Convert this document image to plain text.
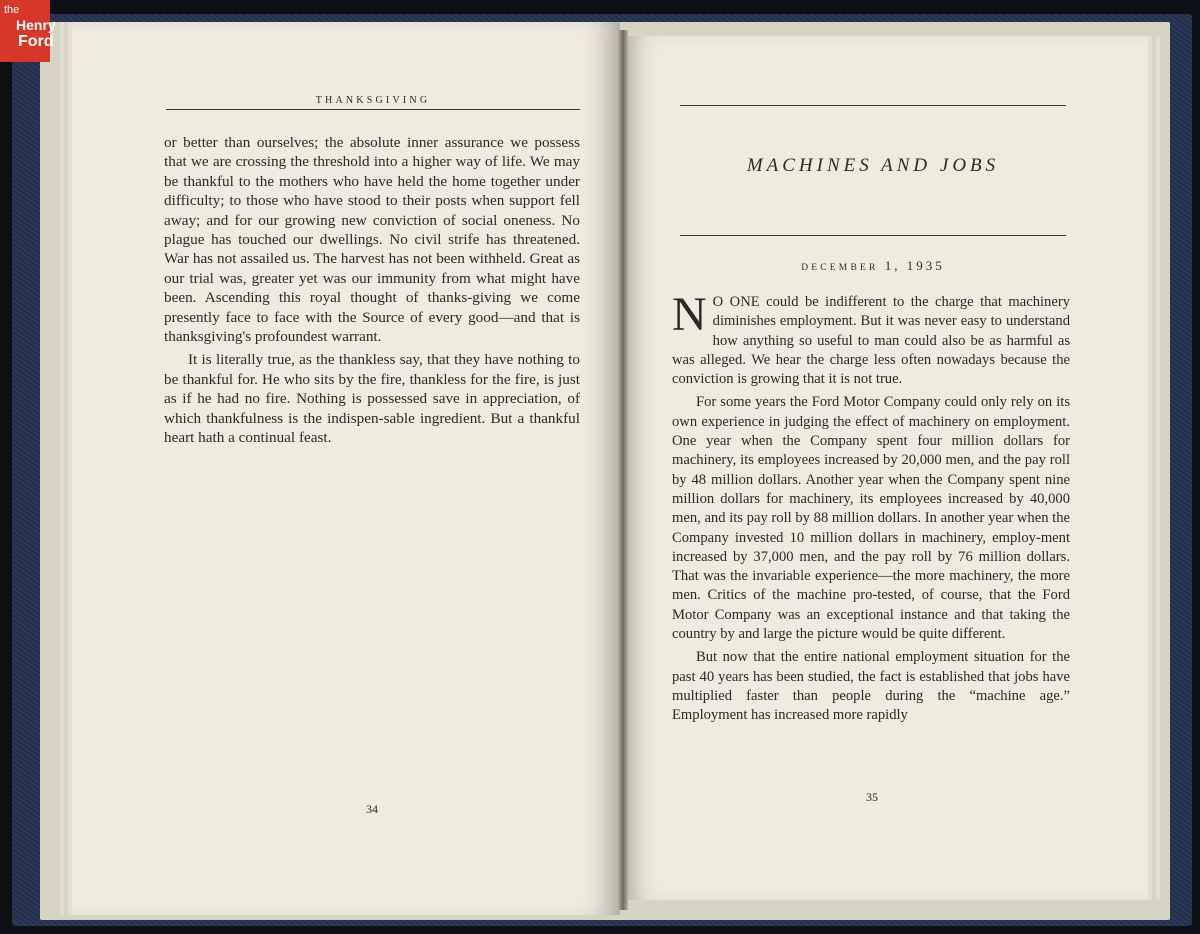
the
Henry
Ford
THANKSGIVING

or better than ourselves; the absolute inner assurance we possess that we are crossing the threshold into a higher way of life. We may be thankful to the mothers who have held the home together under difficulty; to those who have stood to their posts when support fell away; and for our growing new conviction of social oneness. No plague has touched our dwellings. No civil strife has threatened. War has not assailed us. The harvest has not been withheld. Great as our trial was, greater yet was our immunity from what might have been. Ascending this royal thought of thanks-giving we come presently face to face with the Source of every good—and that is thanksgiving's profoundest warrant.

It is literally true, as the thankless say, that they have nothing to be thankful for. He who sits by the fire, thankless for the fire, is just as if he had no fire. Nothing is possessed save in appreciation, of which thankfulness is the indispen-sable ingredient. But a thankful heart hath a continual feast.

34
MACHINES AND JOBS
DECEMBER 1, 1935

N O ONE could be indifferent to the charge that machinery diminishes employment. But it was never easy to understand how anything so useful to man could also be as harmful as was alleged. We hear the charge less often nowadays because the conviction is growing that it is not true.

For some years the Ford Motor Company could only rely on its own experience in judging the effect of machinery on employment. One year when the Company spent four million dollars for machinery, its employees increased by 20,000 men, and the pay roll by 48 million dollars. Another year when the Company spent nine million dollars for machinery, its employees increased by 40,000 men, and its pay roll by 88 million dollars. In another year when the Company invested 10 million dollars in machinery, employ-ment increased by 37,000 men, and the pay roll by 76 million dollars. That was the invariable experience—the more machinery, the more men. Critics of the machine pro-tested, of course, that the Ford Motor Company was an exceptional instance and that taking the country by and large the picture would be quite different.

But now that the entire national employment situation for the past 40 years has been studied, the fact is established that jobs have multiplied faster than people during the “machine age.” Employment has increased more rapidly

35
